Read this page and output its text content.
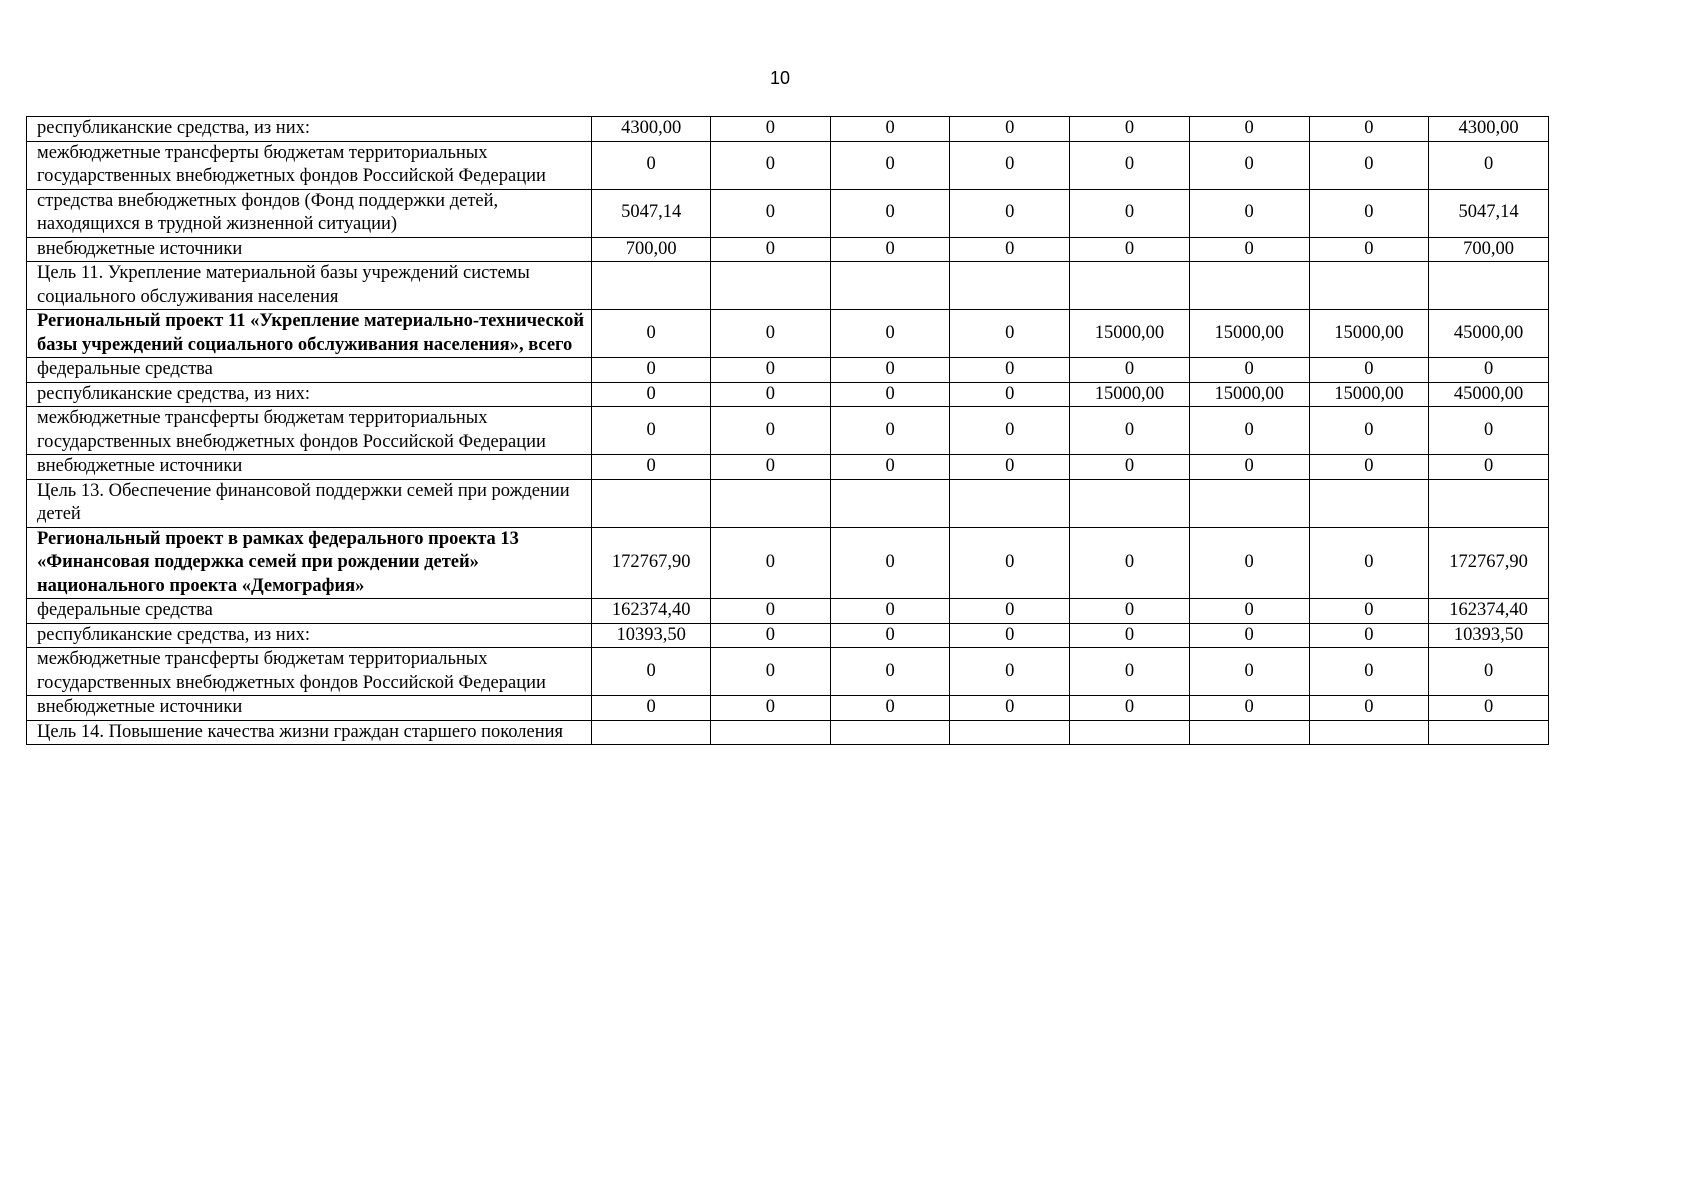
10
республиканские средства, из них:	4300,00	0	0	0	0	0	0	4300,00
межбюджетные трансферты бюджетам территориальных государственных внебюджетных фондов Российской Федерации	0	0	0	0	0	0	0	0
стредства внебюджетных фондов (Фонд поддержки детей, находящихся в трудной жизненной ситуации)	5047,14	0	0	0	0	0	0	5047,14
внебюджетные источники	700,00	0	0	0	0	0	0	700,00
Цель 11. Укрепление материальной базы учреждений системы социального обслуживания населения								
Региональный проект 11 «Укрепление материально-технической базы учреждений социального обслуживания населения», всего	0	0	0	0	15000,00	15000,00	15000,00	45000,00
федеральные средства	0	0	0	0	0	0	0	0
республиканские средства, из них:	0	0	0	0	15000,00	15000,00	15000,00	45000,00
межбюджетные трансферты бюджетам территориальных государственных внебюджетных фондов Российской Федерации	0	0	0	0	0	0	0	0
внебюджетные источники	0	0	0	0	0	0	0	0
Цель 13. Обеспечение финансовой поддержки семей при рождении детей								
Региональный проект в рамках федерального проекта 13 «Финансовая поддержка семей при рождении детей» национального проекта «Демография»	172767,90	0	0	0	0	0	0	172767,90
федеральные средства	162374,40	0	0	0	0	0	0	162374,40
республиканские средства, из них:	10393,50	0	0	0	0	0	0	10393,50
межбюджетные трансферты бюджетам территориальных государственных внебюджетных фондов Российской Федерации	0	0	0	0	0	0	0	0
внебюджетные источники	0	0	0	0	0	0	0	0
Цель 14. Повышение качества жизни граждан старшего поколения								
